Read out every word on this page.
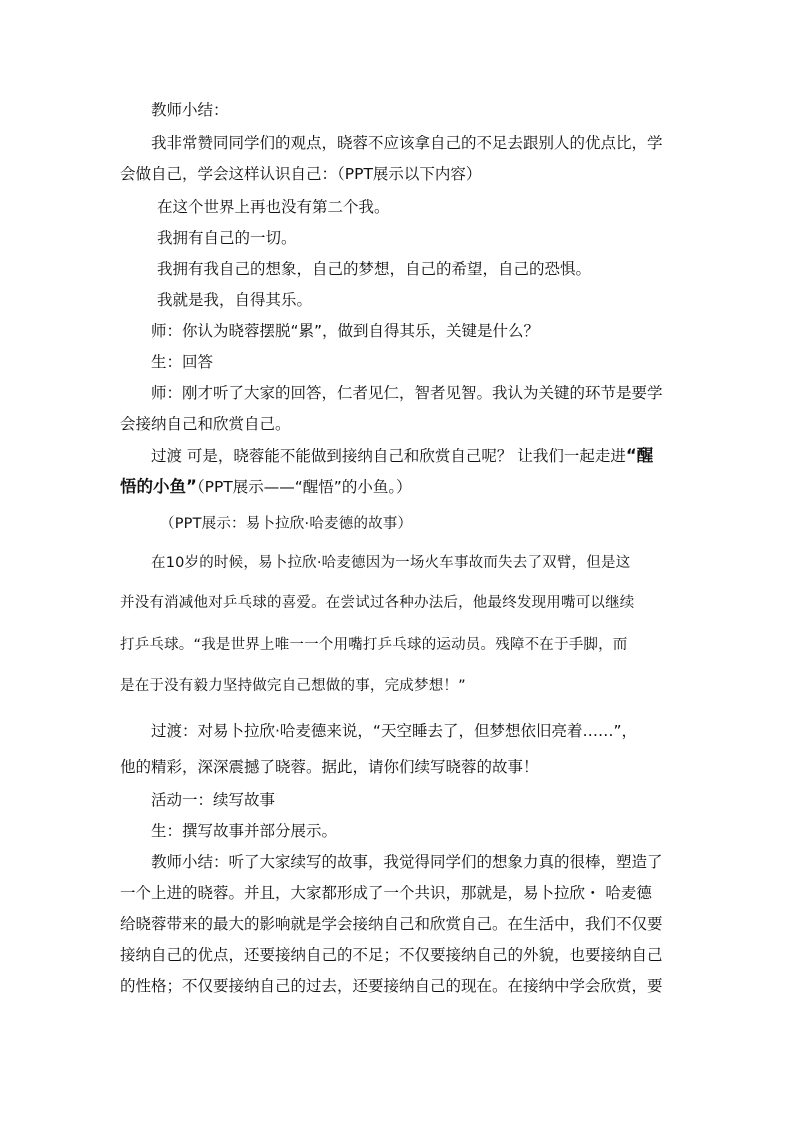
教师小结：
我非常赞同同学们的观点，晓蓉不应该拿自己的不足去跟别人的优点比，学
会做自己，学会这样认识自己：（PPT展示以下内容）
在这个世界上再也没有第二个我。
我拥有自己的一切。
我拥有我自己的想象，自己的梦想，自己的希望，自己的恐惧。
我就是我，自得其乐。
师：你认为晓蓉摆脱“累”，做到自得其乐，关键是什么？
生：回答
师：刚才听了大家的回答，仁者见仁，智者见智。我认为关键的环节是要学
会接纳自己和欣赏自己。
过渡 可是，晓蓉能不能做到接纳自己和欣赏自己呢？ 让我们一起走进“醒
悟的小鱼”（PPT展示——“醒悟”的小鱼。）
（PPT展示：易卜拉欣·哈麦德的故事）
在10岁的时候，易卜拉欣·哈麦德因为一场火车事故而失去了双臂，但是这
并没有消减他对乒乓球的喜爱。在尝试过各种办法后，他最终发现用嘴可以继续
打乒乓球。“我是世界上唯一一个用嘴打乒乓球的运动员。残障不在于手脚，而
是在于没有毅力坚持做完自己想做的事，完成梦想！”
过渡：对易卜拉欣·哈麦德来说，“天空睡去了，但梦想依旧亮着……”，
他的精彩，深深震撼了晓蓉。据此，请你们续写晓蓉的故事！
活动一：续写故事
生：撰写故事并部分展示。
教师小结：听了大家续写的故事，我觉得同学们的想象力真的很棒，塑造了
一个上进的晓蓉。并且，大家都形成了一个共识，那就是，易卜拉欣・ 哈麦德
给晓蓉带来的最大的影响就是学会接纳自己和欣赏自己。在生活中，我们不仅要
接纳自己的优点，还要接纳自己的不足；不仅要接纳自己的外貌，也要接纳自己
的性格；不仅要接纳自己的过去，还要接纳自己的现在。在接纳中学会欣赏，要
